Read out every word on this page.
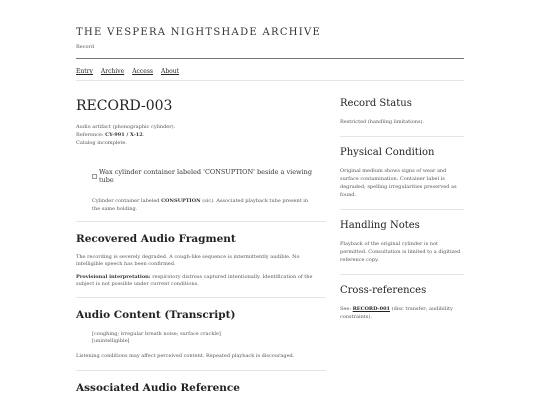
THE VESPERA NIGHTSHADE ARCHIVE
Record
Entry Archive Access About
RECORD-003
Audio artifact (phonographic cylinder).
Reference: CY-991 / X-12.
Catalog incomplete.
Wax cylinder container labeled 'CONSUPTION' beside a viewing tube
Cylinder container labeled CONSUPTION (sic). Associated playback tube present in the same holding.
Recovered Audio Fragment

The recording is severely degraded. A cough-like sequence is intermittently audible. No intelligible speech has been confirmed.

Provisional interpretation: respiratory distress captured intentionally. Identification of the subject is not possible under current conditions.

Audio Content (Transcript)
[coughing; irregular breath noise; surface crackle]
[unintelligible]

Listening conditions may affect perceived content. Repeated playback is discouraged.

Associated Audio Reference
Record Status

Restricted (handling limitations).

Physical Condition

Original medium shows signs of wear and surface contamination. Container label is degraded; spelling irregularities preserved as found.

Handling Notes

Playback of the original cylinder is not permitted. Consultation is limited to a digitized reference copy.

Cross-references

See: RECORD-001 (disc transfer; audibility constraints).
